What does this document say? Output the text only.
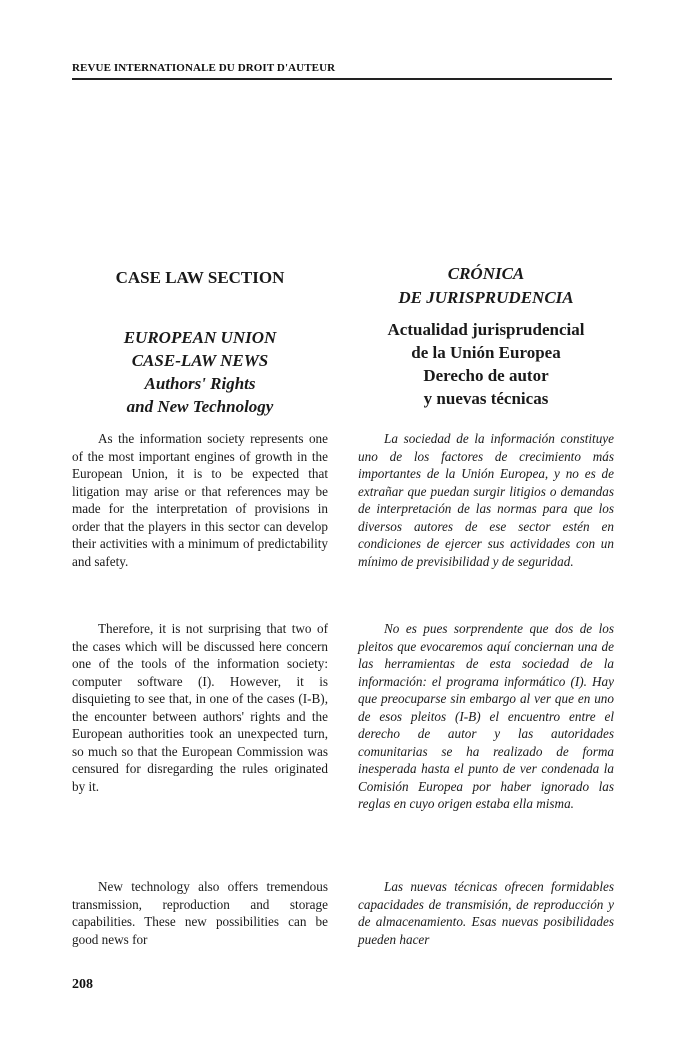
REVUE INTERNATIONALE DU DROIT D'AUTEUR
CASE LAW SECTION
EUROPEAN UNION
CASE-LAW NEWS
Authors' Rights
and New Technology

As the information society represents one of the most important engines of growth in the European Union, it is to be expected that litigation may arise or that references may be made for the interpretation of provisions in order that the players in this sector can develop their activities with a minimum of predictability and safety.

Therefore, it is not surprising that two of the cases which will be discussed here concern one of the tools of the information society: computer software (I). However, it is disquieting to see that, in one of the cases (I-B), the encounter between authors' rights and the European authorities took an unexpected turn, so much so that the European Commission was censured for disregarding the rules originated by it.

New technology also offers tremendous transmission, reproduction and storage capabilities. These new possibilities can be good news for

CRÓNICA
DE JURISPRUDENCIA
Actualidad jurisprudencial
de la Unión Europea
Derecho de autor
y nuevas técnicas

La sociedad de la información constituye uno de los factores de crecimiento más importantes de la Unión Europea, y no es de extrañar que puedan surgir litigios o demandas de interpretación de las normas para que los diversos autores de ese sector estén en condiciones de ejercer sus actividades con un mínimo de previsibilidad y de seguridad.

No es pues sorprendente que dos de los pleitos que evocaremos aquí conciernan una de las herramientas de esta sociedad de la información: el programa informático (I). Hay que preocuparse sin embargo al ver que en uno de esos pleitos (I-B) el encuentro entre el derecho de autor y las autoridades comunitarias se ha realizado de forma inesperada hasta el punto de ver condenada la Comisión Europea por haber ignorado las reglas en cuyo origen estaba ella misma.

Las nuevas técnicas ofrecen formidables capacidades de transmisión, de reproducción y de almacenamiento. Esas nuevas posibilidades pueden hacer

208
